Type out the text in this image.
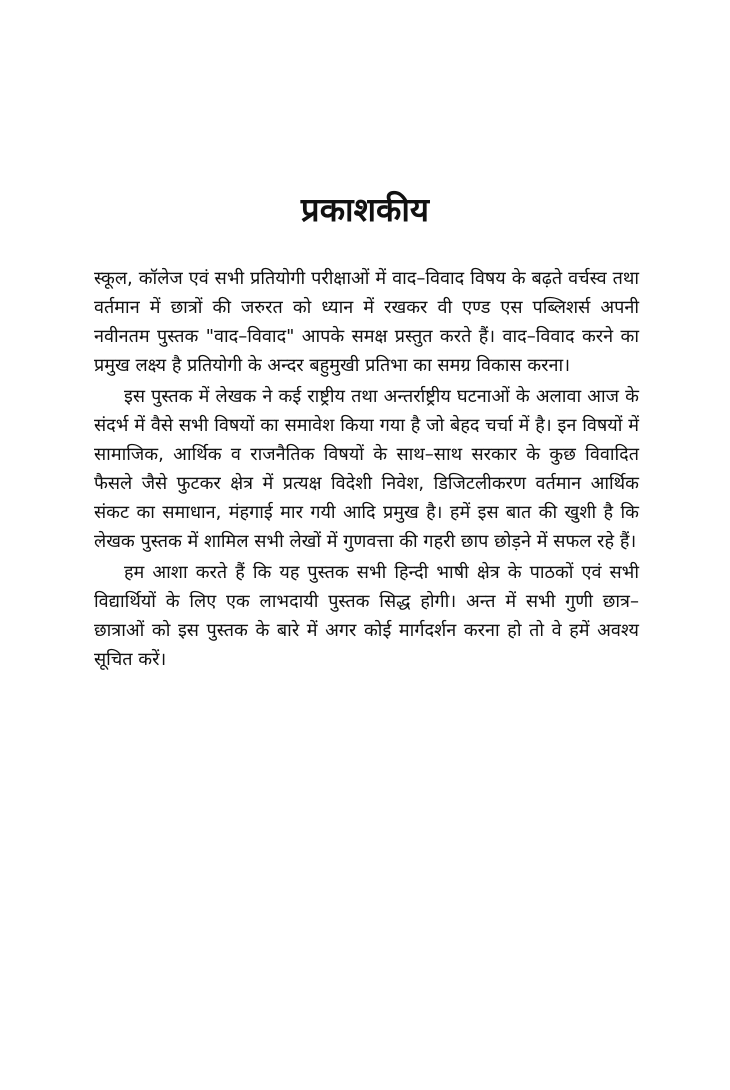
प्रकाशकीय

स्कूल, कॉलेज एवं सभी प्रतियोगी परीक्षाओं में वाद–विवाद विषय के बढ़ते वर्चस्व तथा वर्तमान में छात्रों की जरुरत को ध्यान में रखकर वी एण्ड एस पब्लिशर्स अपनी नवीनतम पुस्तक "वाद–विवाद" आपके समक्ष प्रस्तुत करते हैं। वाद–विवाद करने का प्रमुख लक्ष्य है प्रतियोगी के अन्दर बहुमुखी प्रतिभा का समग्र विकास करना।

इस पुस्तक में लेखक ने कई राष्ट्रीय तथा अन्तर्राष्ट्रीय घटनाओं के अलावा आज के संदर्भ में वैसे सभी विषयों का समावेश किया गया है जो बेहद चर्चा में है। इन विषयों में सामाजिक, आर्थिक व राजनैतिक विषयों के साथ–साथ सरकार के कुछ विवादित फैसले जैसे फुटकर क्षेत्र में प्रत्यक्ष विदेशी निवेश, डिजिटलीकरण वर्तमान आर्थिक संकट का समाधान, मंहगाई मार गयी आदि प्रमुख है। हमें इस बात की खुशी है कि लेखक पुस्तक में शामिल सभी लेखों में गुणवत्ता की गहरी छाप छोड़ने में सफल रहे हैं।

हम आशा करते हैं कि यह पुस्तक सभी हिन्दी भाषी क्षेत्र के पाठकों एवं सभी विद्यार्थियों के लिए एक लाभदायी पुस्तक सिद्ध होगी। अन्त में सभी गुणी छात्र–छात्राओं को इस पुस्तक के बारे में अगर कोई मार्गदर्शन करना हो तो वे हमें अवश्य सूचित करें।
